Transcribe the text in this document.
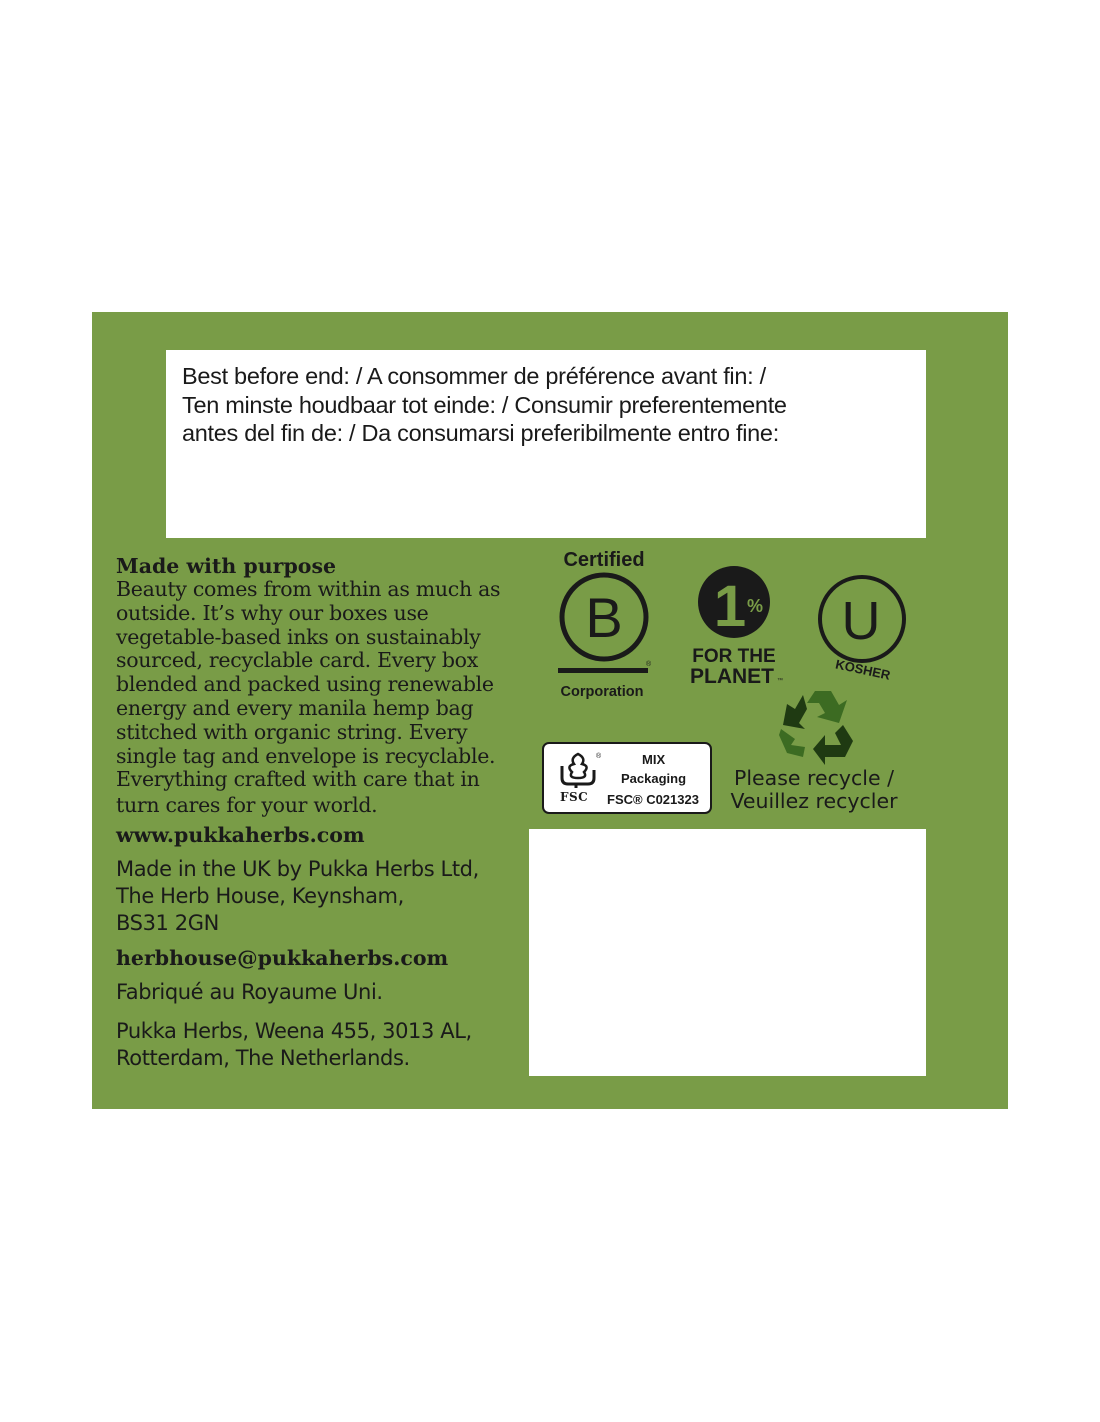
Best before end: / A consommer de préférence avant fin: /
Ten minste houdbaar tot einde: / Consumir preferentemente
antes del fin de: / Da consumarsi preferibilmente entro fine:
Made with purpose
Beauty comes from within as much as
outside. It’s why our boxes use
vegetable-based inks on sustainably
sourced, recyclable card. Every box
blended and packed using renewable
energy and every manila hemp bag
stitched with organic string. Every
single tag and envelope is recyclable.
Everything crafted with care that in
turn cares for your world.
www.pukkaherbs.com
Made in the UK by Pukka Herbs Ltd,
The Herb House, Keynsham,
BS31 2GN
herbhouse@pukkaherbs.com
Fabriqué au Royaume Uni.
Pukka Herbs, Weena 455, 3013 AL,
Rotterdam, The Netherlands.
Certified
B
®
Corporation
1 %
FOR THE
PLANET ™
U
KOSHER
Please recycle /
Veuillez recycler
®
FSC
MIX
Packaging
FSC® C021323
